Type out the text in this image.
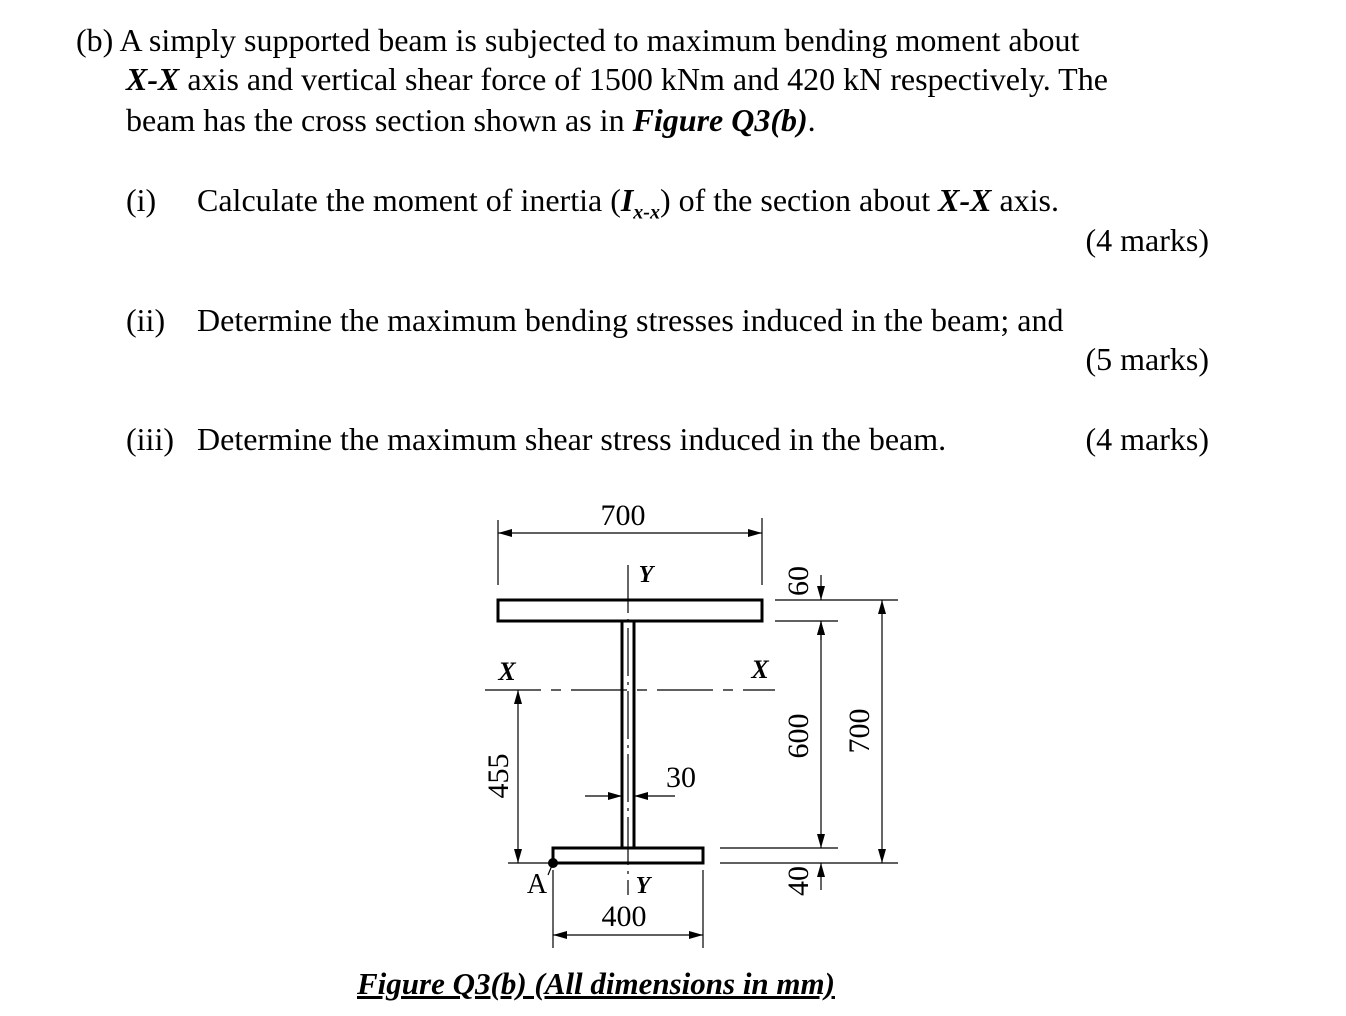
(b) A simply supported beam is subjected to maximum bending moment about
X-X axis and vertical shear force of 1500 kNm and 420 kN respectively. The
beam has the cross section shown as in Figure Q3(b).
(i) Calculate the moment of inertia $(I_{x-x})$ of the section about X-X axis.
(4 marks)
(ii) Determine the maximum bending stresses induced in the beam; and
(5 marks)
(iii) Determine the maximum shear stress induced in the beam.	(4 marks)
700
Y
Y
X	X
30
400
A
60
600
40
700
455
Figure Q3(b) (All dimensions in mm)
